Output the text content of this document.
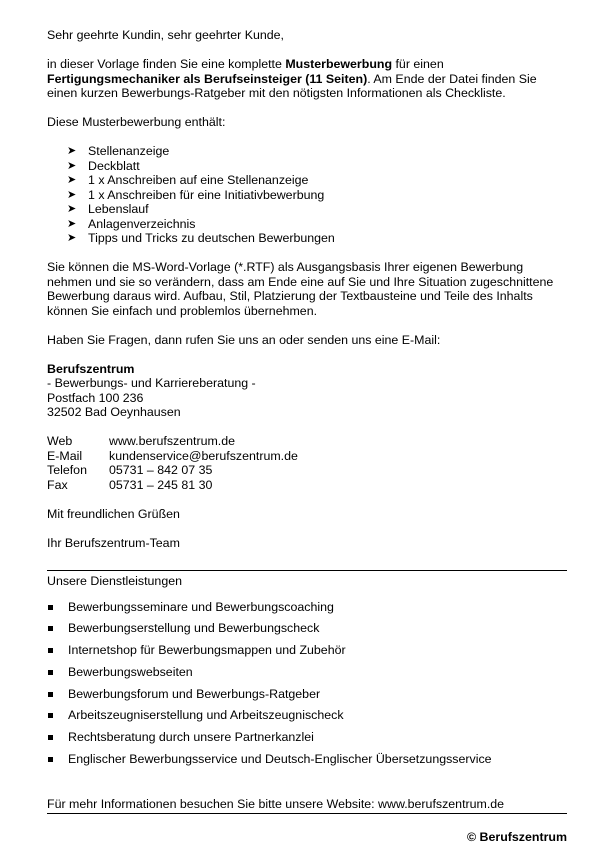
Sehr geehrte Kundin, sehr geehrter Kunde,

in dieser Vorlage finden Sie eine komplette Musterbewerbung für einen
Fertigungsmechaniker als Berufseinsteiger (11 Seiten). Am Ende der Datei finden Sie
einen kurzen Bewerbungs-Ratgeber mit den nötigsten Informationen als Checkliste.

Diese Musterbewerbung enthält:

➤ Stellenanzeige
➤ Deckblatt
➤ 1 x Anschreiben auf eine Stellenanzeige
➤ 1 x Anschreiben für eine Initiativbewerbung
➤ Lebenslauf
➤ Anlagenverzeichnis
➤ Tipps und Tricks zu deutschen Bewerbungen

Sie können die MS-Word-Vorlage (*.RTF) als Ausgangsbasis Ihrer eigenen Bewerbung
nehmen und sie so verändern, dass am Ende eine auf Sie und Ihre Situation zugeschnittene
Bewerbung daraus wird. Aufbau, Stil, Platzierung der Textbausteine und Teile des Inhalts
können Sie einfach und problemlos übernehmen.

Haben Sie Fragen, dann rufen Sie uns an oder senden uns eine E-Mail:

Berufszentrum
- Bewerbungs- und Karriereberatung -
Postfach 100 236
32502 Bad Oeynhausen

Web	www.berufszentrum.de
E-Mail	kundenservice@berufszentrum.de
Telefon	05731 – 842 07 35
Fax	05731 – 245 81 30

Mit freundlichen Grüßen

Ihr Berufszentrum-Team

Unsere Dienstleistungen

Bewerbungsseminare und Bewerbungscoaching
Bewerbungserstellung und Bewerbungscheck
Internetshop für Bewerbungsmappen und Zubehör
Bewerbungswebseiten
Bewerbungsforum und Bewerbungs-Ratgeber
Arbeitszeugniserstellung und Arbeitszeugnischeck
Rechtsberatung durch unsere Partnerkanzlei
Englischer Bewerbungsservice und Deutsch-Englischer Übersetzungsservice

Für mehr Informationen besuchen Sie bitte unsere Website: www.berufszentrum.de

© Berufszentrum
